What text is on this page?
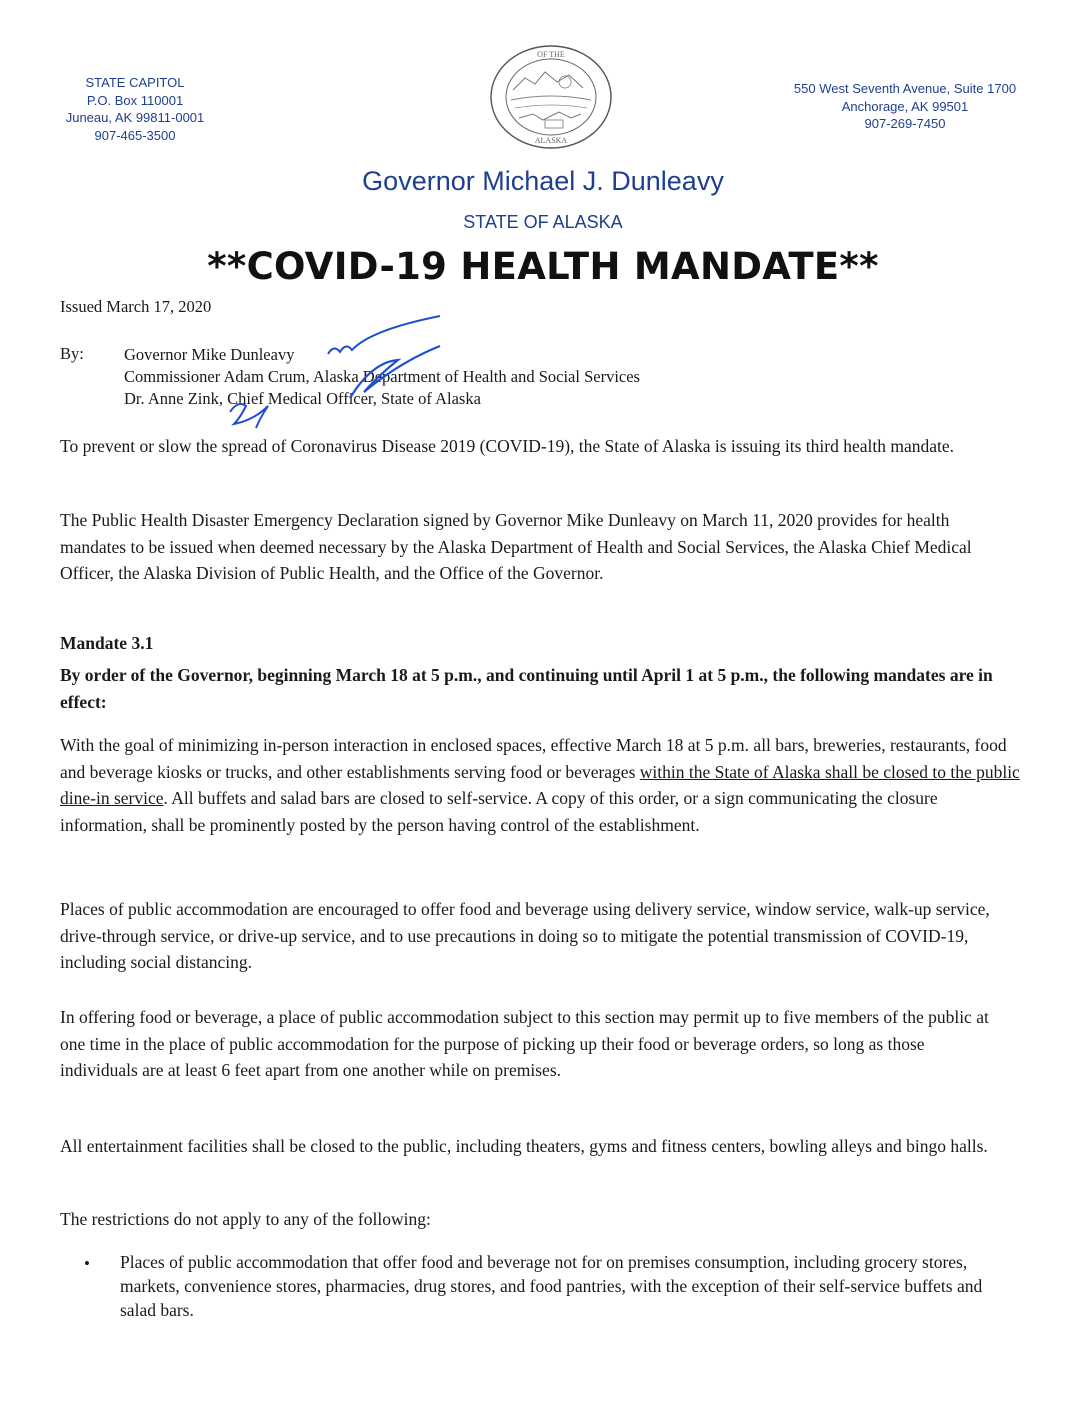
STATE CAPITOL
P.O. Box 110001
Juneau, AK 99811-0001
907-465-3500
OF THE
ALASKA
550 West Seventh Avenue, Suite 1700
Anchorage, AK 99501
907-269-7450
Governor Michael J. Dunleavy
STATE OF ALASKA
**COVID-19 HEALTH MANDATE**
Issued March 17, 2020
By: Governor Mike Dunleavy
Commissioner Adam Crum, Alaska Department of Health and Social Services
Dr. Anne Zink, Chief Medical Officer, State of Alaska
To prevent or slow the spread of Coronavirus Disease 2019 (COVID-19), the State of Alaska is issuing its third health mandate.
The Public Health Disaster Emergency Declaration signed by Governor Mike Dunleavy on March 11, 2020 provides for health mandates to be issued when deemed necessary by the Alaska Department of Health and Social Services, the Alaska Chief Medical Officer, the Alaska Division of Public Health, and the Office of the Governor.
Mandate 3.1
By order of the Governor, beginning March 18 at 5 p.m., and continuing until April 1 at 5 p.m., the following mandates are in effect:
With the goal of minimizing in-person interaction in enclosed spaces, effective March 18 at 5 p.m. all bars, breweries, restaurants, food and beverage kiosks or trucks, and other establishments serving food or beverages within the State of Alaska shall be closed to the public dine-in service. All buffets and salad bars are closed to self-service. A copy of this order, or a sign communicating the closure information, shall be prominently posted by the person having control of the establishment.
Places of public accommodation are encouraged to offer food and beverage using delivery service, window service, walk-up service, drive-through service, or drive-up service, and to use precautions in doing so to mitigate the potential transmission of COVID-19, including social distancing.
In offering food or beverage, a place of public accommodation subject to this section may permit up to five members of the public at one time in the place of public accommodation for the purpose of picking up their food or beverage orders, so long as those individuals are at least 6 feet apart from one another while on premises.
All entertainment facilities shall be closed to the public, including theaters, gyms and fitness centers, bowling alleys and bingo halls.
The restrictions do not apply to any of the following:
• Places of public accommodation that offer food and beverage not for on premises consumption, including grocery stores, markets, convenience stores, pharmacies, drug stores, and food pantries, with the exception of their self-service buffets and salad bars.
